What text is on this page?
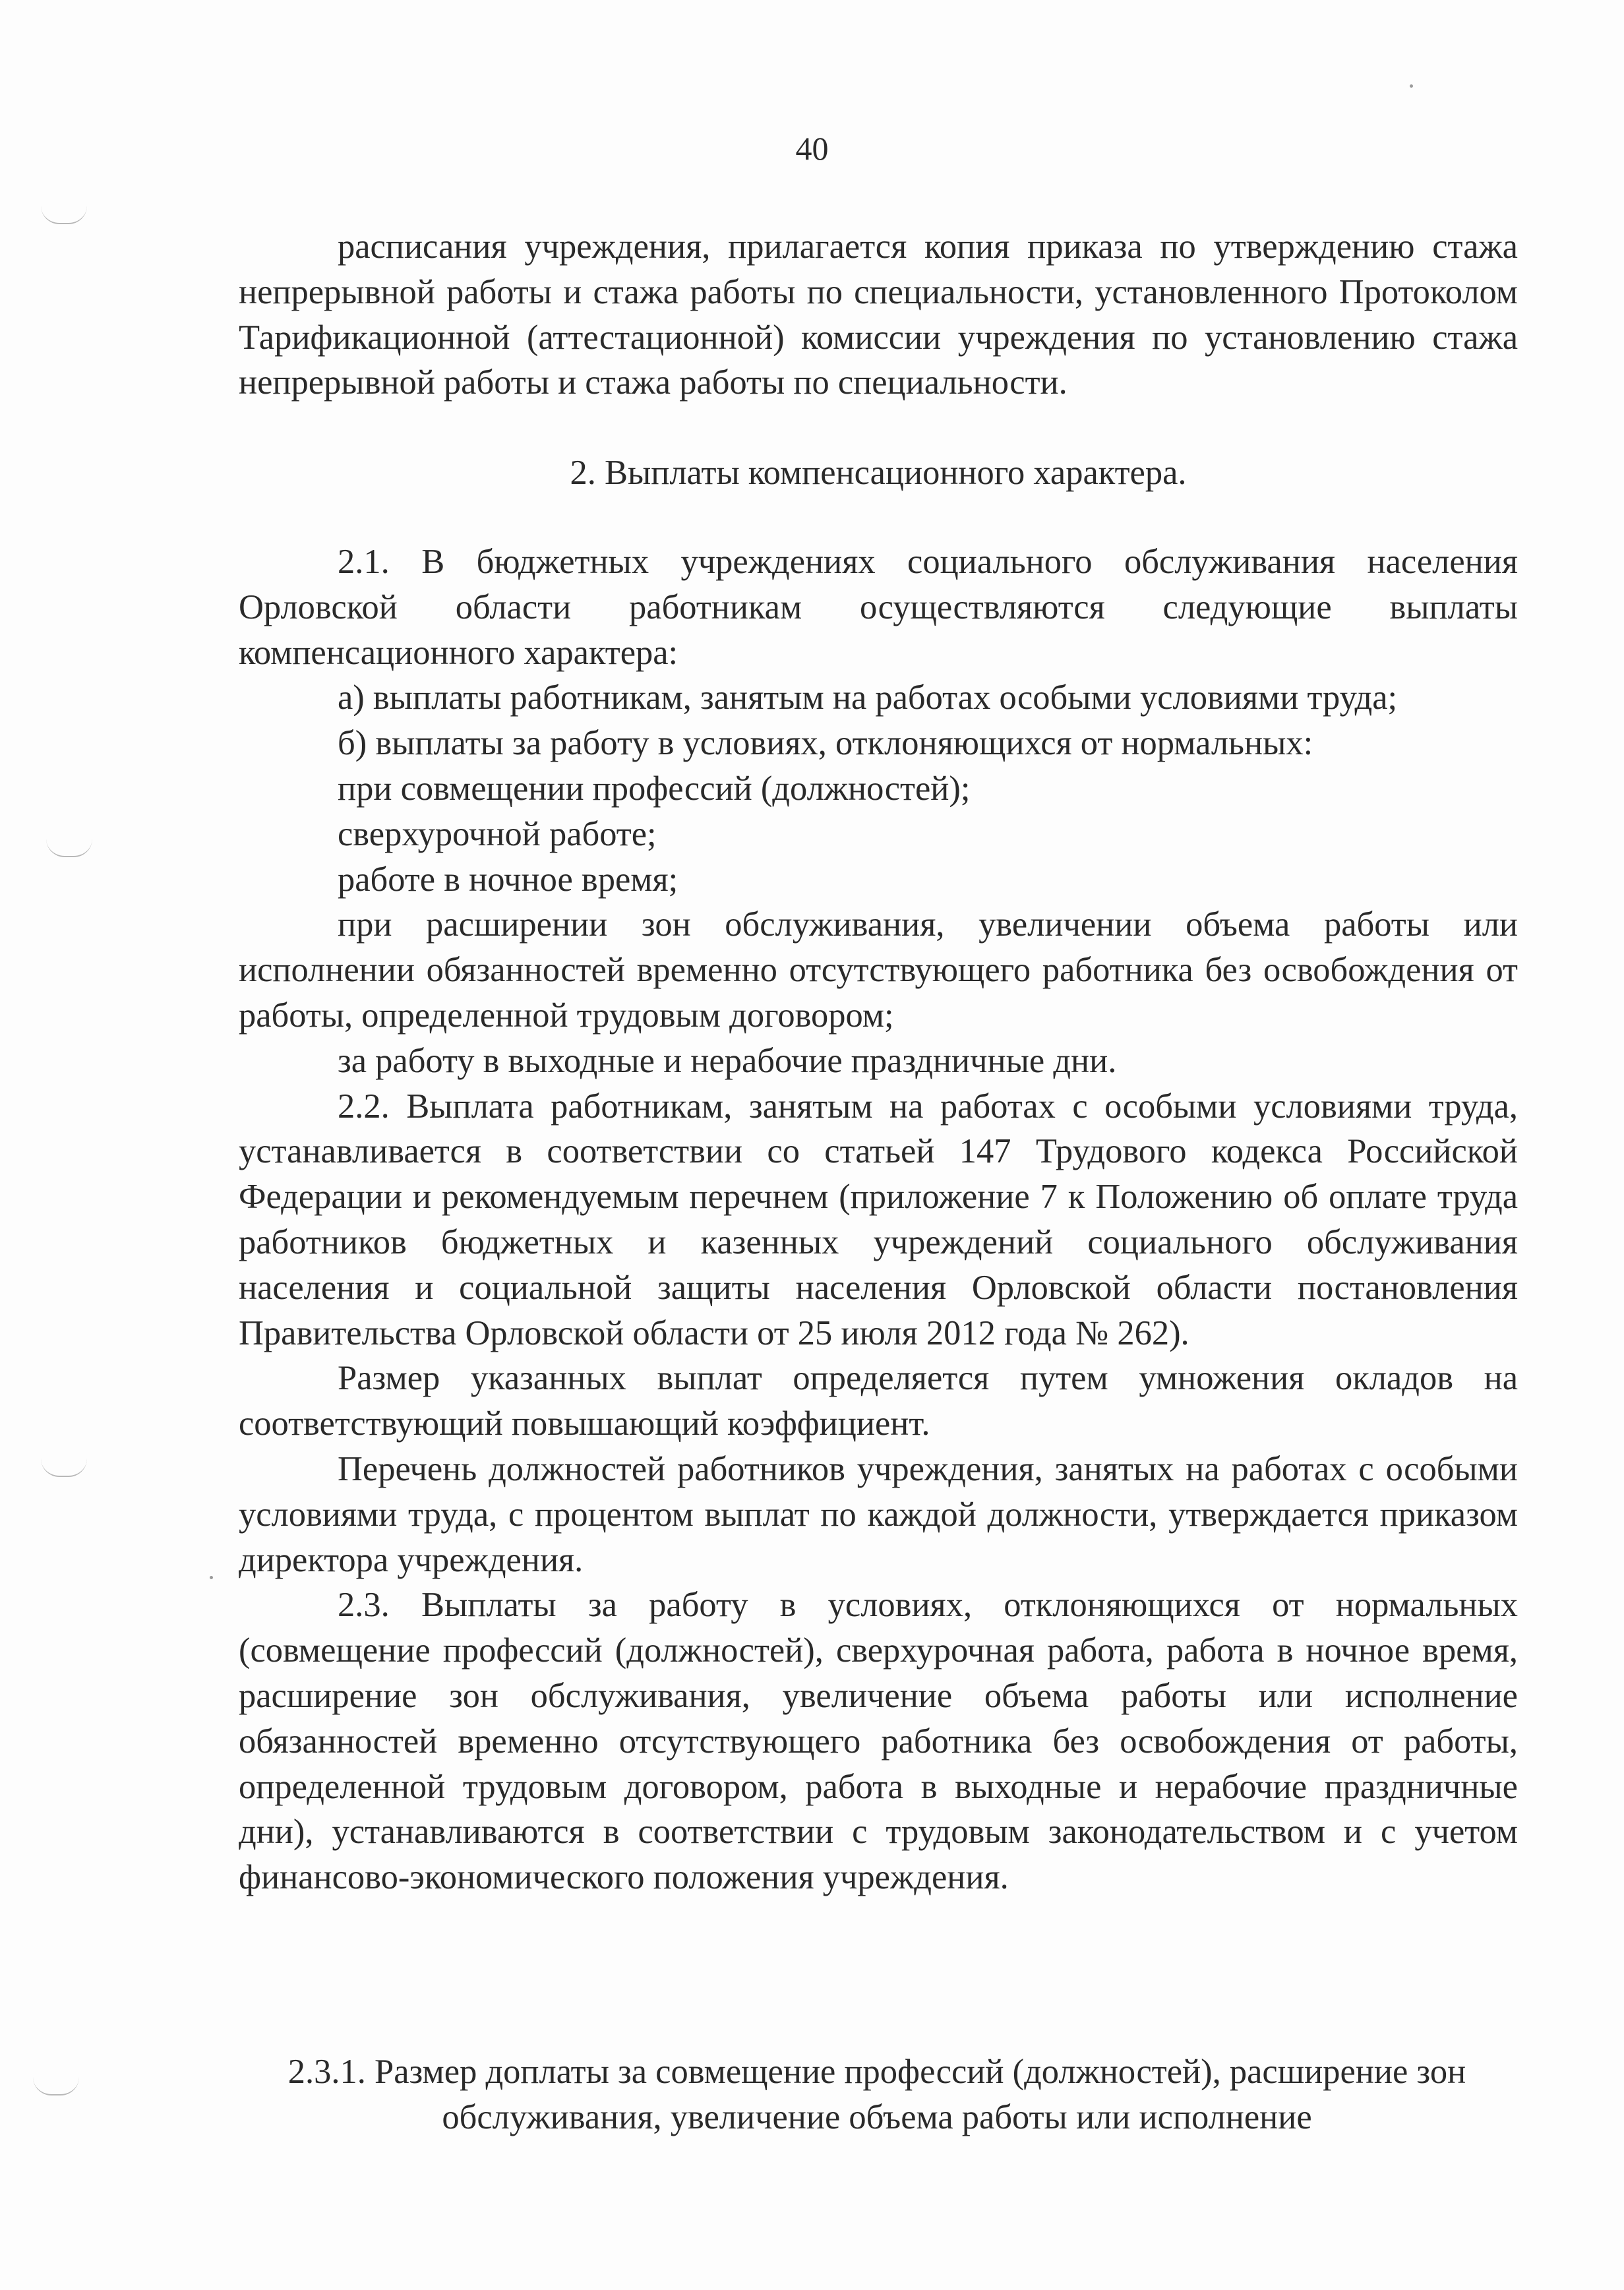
40

расписания учреждения, прилагается копия приказа по утверждению стажа непрерывной работы и стажа работы по специальности, установленного Протоколом Тарификационной (аттестационной) комиссии учреждения по установлению стажа непрерывной работы и стажа работы по специальности.

2. Выплаты компенсационного характера.

2.1. В бюджетных учреждениях социального обслуживания населения Орловской области работникам осуществляются следующие выплаты компенсационного характера:

а) выплаты работникам, занятым на работах особыми условиями труда;

б) выплаты за работу в условиях, отклоняющихся от нормальных:

при совмещении профессий (должностей);

сверхурочной работе;

работе в ночное время;

при расширении зон обслуживания, увеличении объема работы или исполнении обязанностей временно отсутствующего работника без освобождения от работы, определенной трудовым договором;

за работу в выходные и нерабочие праздничные дни.

2.2. Выплата работникам, занятым на работах с особыми условиями труда, устанавливается в соответствии со статьей 147 Трудового кодекса Российской Федерации и рекомендуемым перечнем (приложение 7 к Положению об оплате труда работников бюджетных и казенных учреждений социального обслуживания населения и социальной защиты населения Орловской области постановления Правительства Орловской области от 25 июля 2012 года № 262).

Размер указанных выплат определяется путем умножения окладов на соответствующий повышающий коэффициент.

Перечень должностей работников учреждения, занятых на работах с особыми условиями труда, с процентом выплат по каждой должности, утверждается приказом директора учреждения.

2.3. Выплаты за работу в условиях, отклоняющихся от нормальных (совмещение профессий (должностей), сверхурочная работа, работа в ночное время, расширение зон обслуживания, увеличение объема работы или исполнение обязанностей временно отсутствующего работника без освобождения от работы, определенной трудовым договором, работа в выходные и нерабочие праздничные дни), устанавливаются в соответствии с трудовым законодательством и с учетом финансово-экономического положения учреждения.

2.3.1. Размер доплаты за совмещение профессий (должностей), расширение зон обслуживания, увеличение объема работы или исполнение
